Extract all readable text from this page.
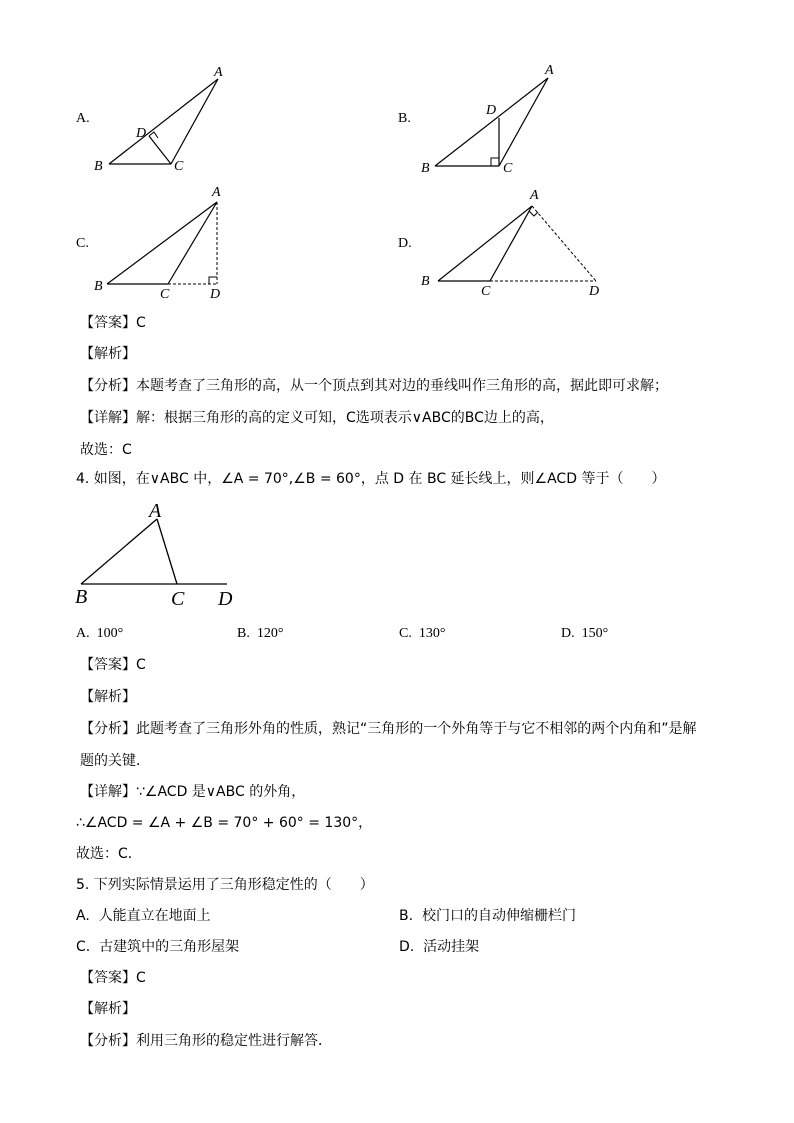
A.
A
B	C
D
B.
A
B	C
D
C.
A
B
C	D
D.
A
B
C	D
【答案】C
【解析】
【分析】本题考查了三角形的高，从一个顶点到其对边的垂线叫作三角形的高，据此即可求解；
【详解】解：根据三角形的高的定义可知，C选项表示∨ABC的BC边上的高，
故选：C
4. 如图，在∨ABC 中，∠A = 70°,∠B = 60°，点 D 在 BC 延长线上，则∠ACD 等于（　　）
A
B	C D
A. 100°	B. 120°	C. 130°	D. 150°
【答案】C
【解析】
【分析】此题考查了三角形外角的性质，熟记“三角形的一个外角等于与它不相邻的两个内角和”是解
题的关键．
【详解】∵∠ACD 是∨ABC 的外角，
∴∠ACD = ∠A + ∠B = 70° + 60° = 130°，
故选：C．
5. 下列实际情景运用了三角形稳定性的（　　）
A. 人能直立在地面上	B. 校门口的自动伸缩栅栏门
C. 古建筑中的三角形屋架	D. 活动挂架
【答案】C
【解析】
【分析】利用三角形的稳定性进行解答．
